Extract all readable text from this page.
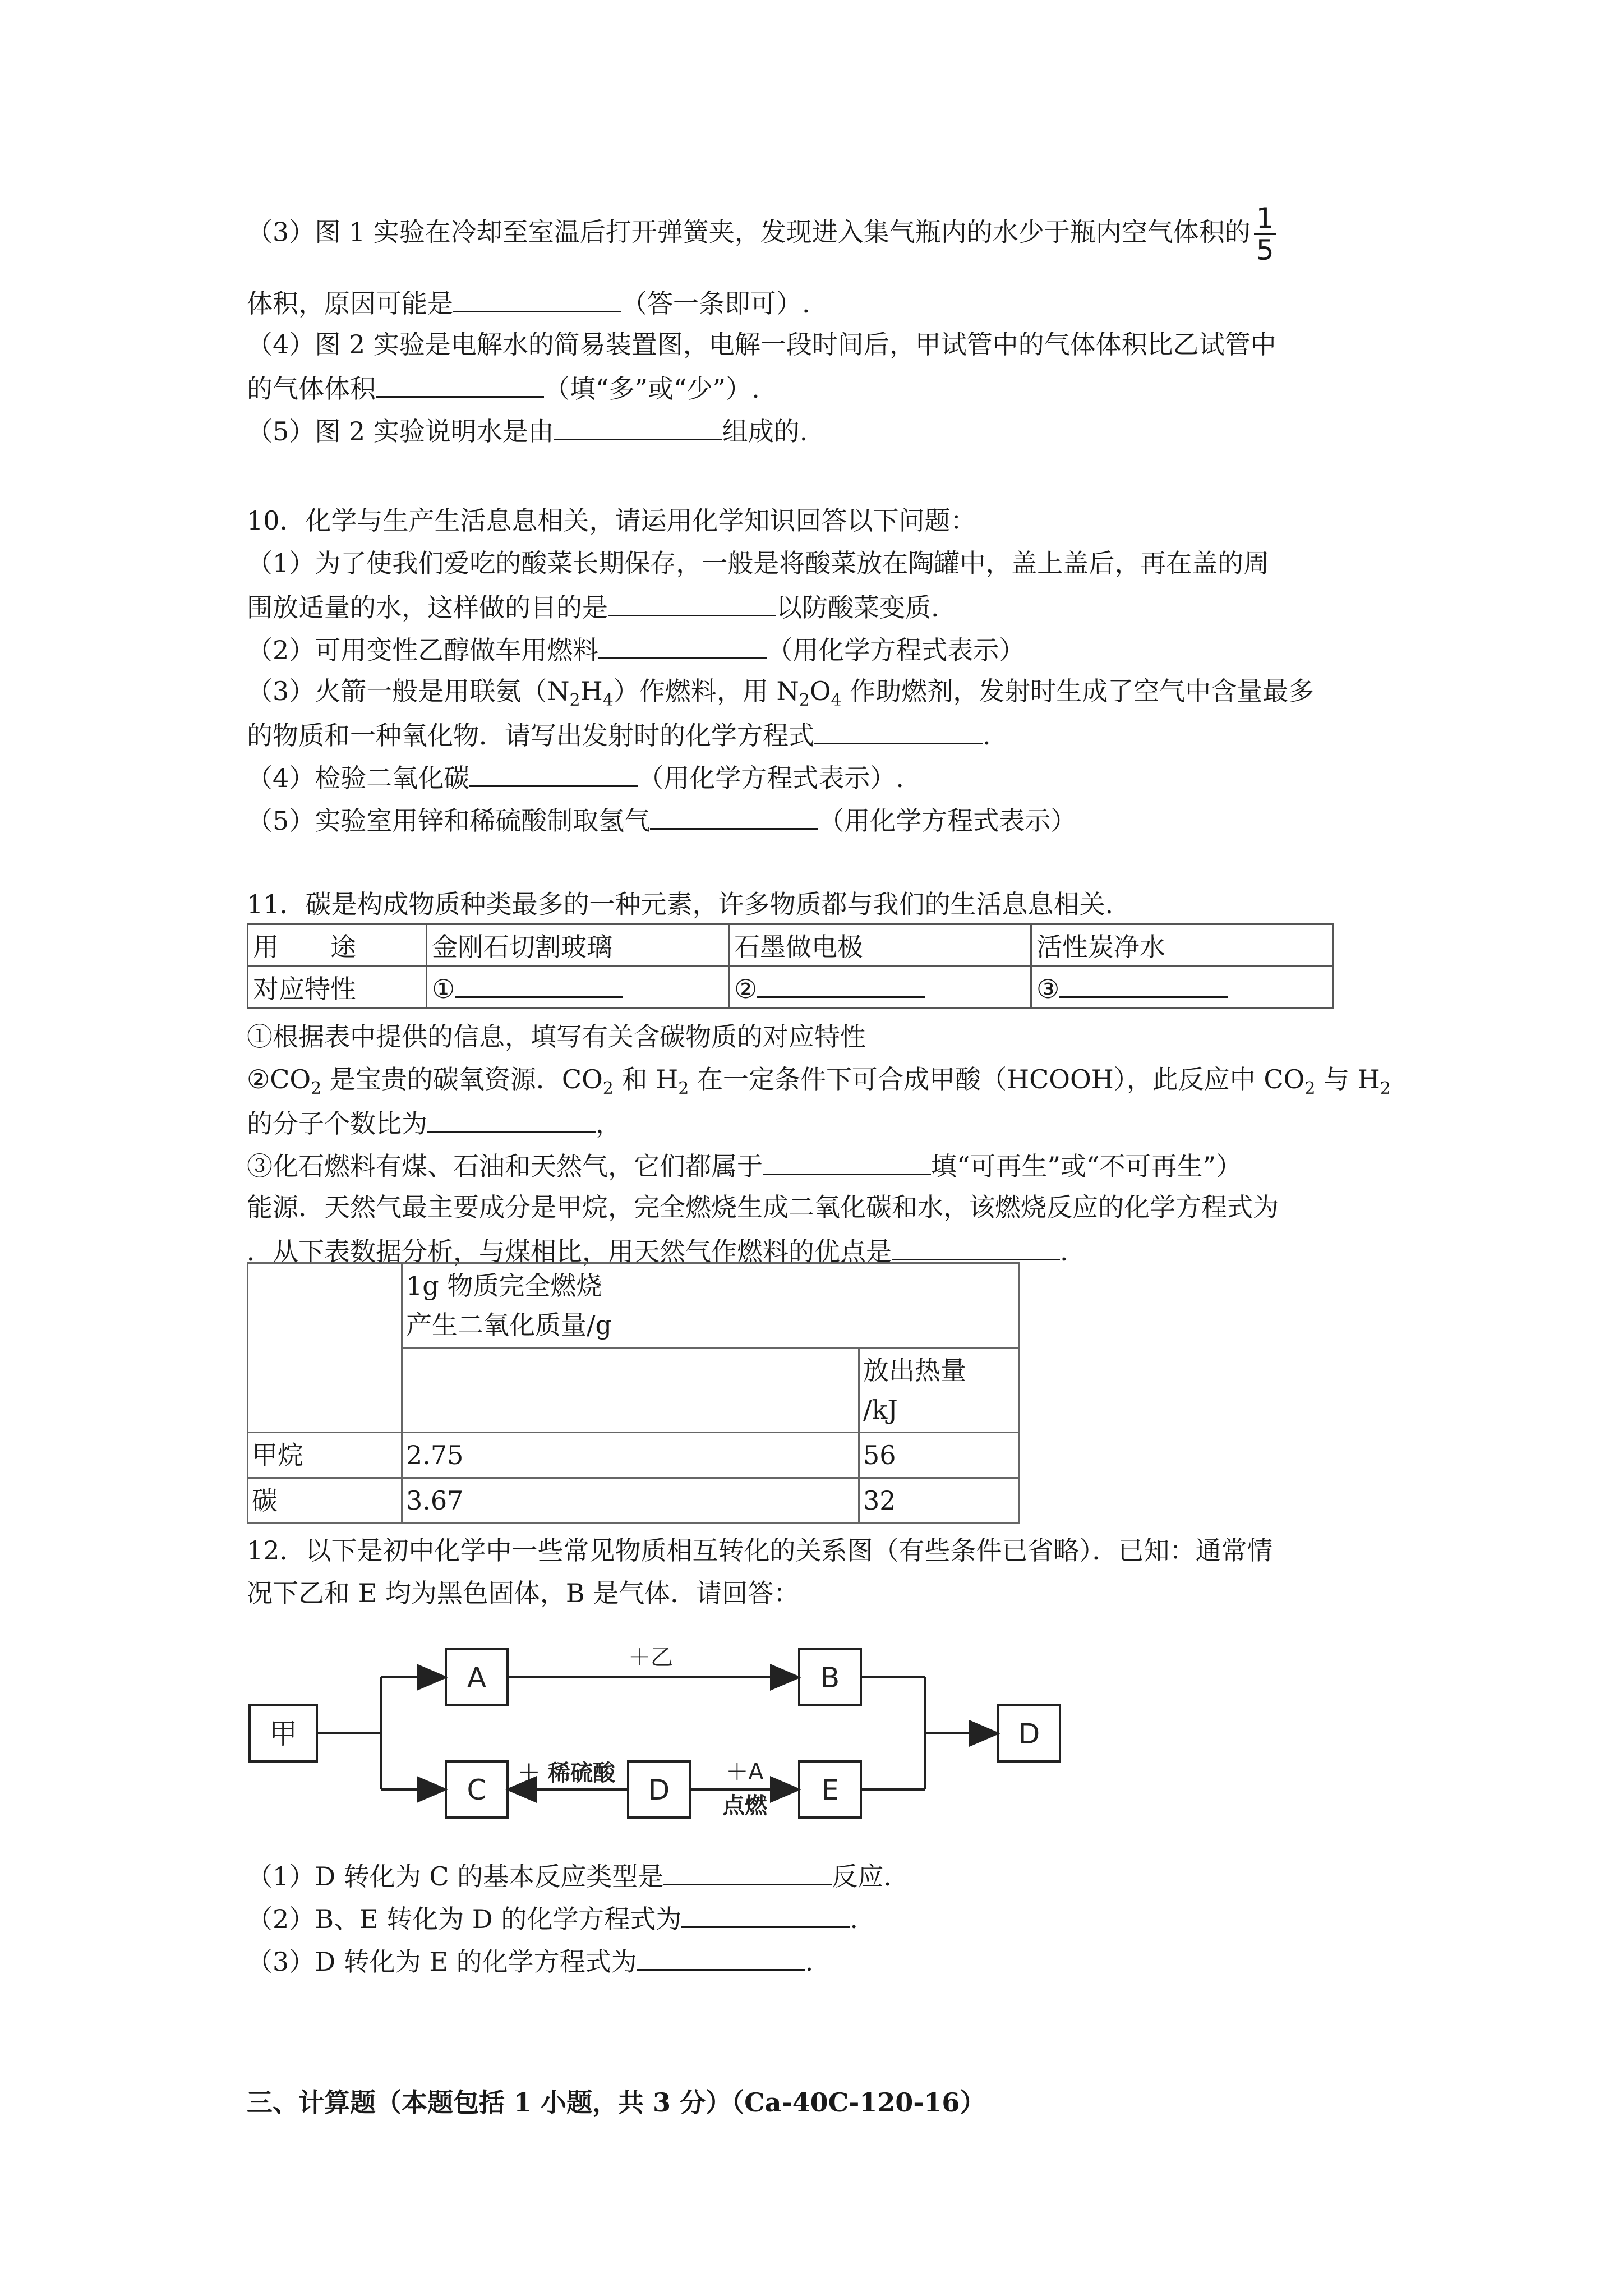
（3）图 1 实验在冷却至室温后打开弹簧夹，发现进入集气瓶内的水少于瓶内空气体积的 $\frac{1}{5}$
体积，原因可能是	（答一条即可）.
（4）图 2 实验是电解水的简易装置图，电解一段时间后，甲试管中的气体体积比乙试管中
的气体体积	（填“多”或“少”）.
（5）图 2 实验说明水是由	组成的.
10．化学与生产生活息息相关，请运用化学知识回答以下问题：
（1）为了使我们爱吃的酸菜长期保存，一般是将酸菜放在陶罐中，盖上盖后，再在盖的周
围放适量的水，这样做的目的是	以防酸菜变质.
（2）可用变性乙醇做车用燃料	（用化学方程式表示）
（3）火箭一般是用联氨$(N_2H_4)$作燃料，用 $N_2O_4$ 作助燃剂，发射时生成了空气中含量最多
的物质和一种氧化物．请写出发射时的化学方程式	.
（4）检验二氧化碳	（用化学方程式表示）.
（5）实验室用锌和稀硫酸制取氢气	（用化学方程式表示）
11．碳是构成物质种类最多的一种元素，许多物质都与我们的生活息息相关.
用　　途	金刚石切割玻璃	石墨做电极	活性炭净水
对应特性	①	②	③
①根据表中提供的信息，填写有关含碳物质的对应特性
$②CO_2$ 是宝贵的碳氧资源．$CO_2$ 和 $H_2$ 在一定条件下可合成甲酸（HCOOH），此反应中 $CO_2$ 与 $H_2$
的分子个数比为	，
③化石燃料有煤、石油和天然气，它们都属于	填“可再生”或“不可再生”）
能源．天然气最主要成分是甲烷，完全燃烧生成二氧化碳和水，该燃烧反应的化学方程式为
．从下表数据分析，与煤相比，用天然气作燃料的优点是	.

	1g 物质完全燃烧
产生二氧化质量/g	

		放出热量
/kJ

甲烷	2.75	56
碳	3.67	32
12．以下是初中化学中一些常见物质相互转化的关系图（有些条件已省略）．已知：通常情
况下乙和 E 均为黑色固体，B 是气体．请回答：
甲
A	B
C	D	E
D
＋乙
＋ 稀硫酸	＋A
点燃
（1）D 转化为 C 的基本反应类型是	反应.
（2）B、E 转化为 D 的化学方程式为	.
（3）D 转化为 E 的化学方程式为	.
三、计算题（本题包括 1 小题，共 3 分）（Ca-40C-120-16）
